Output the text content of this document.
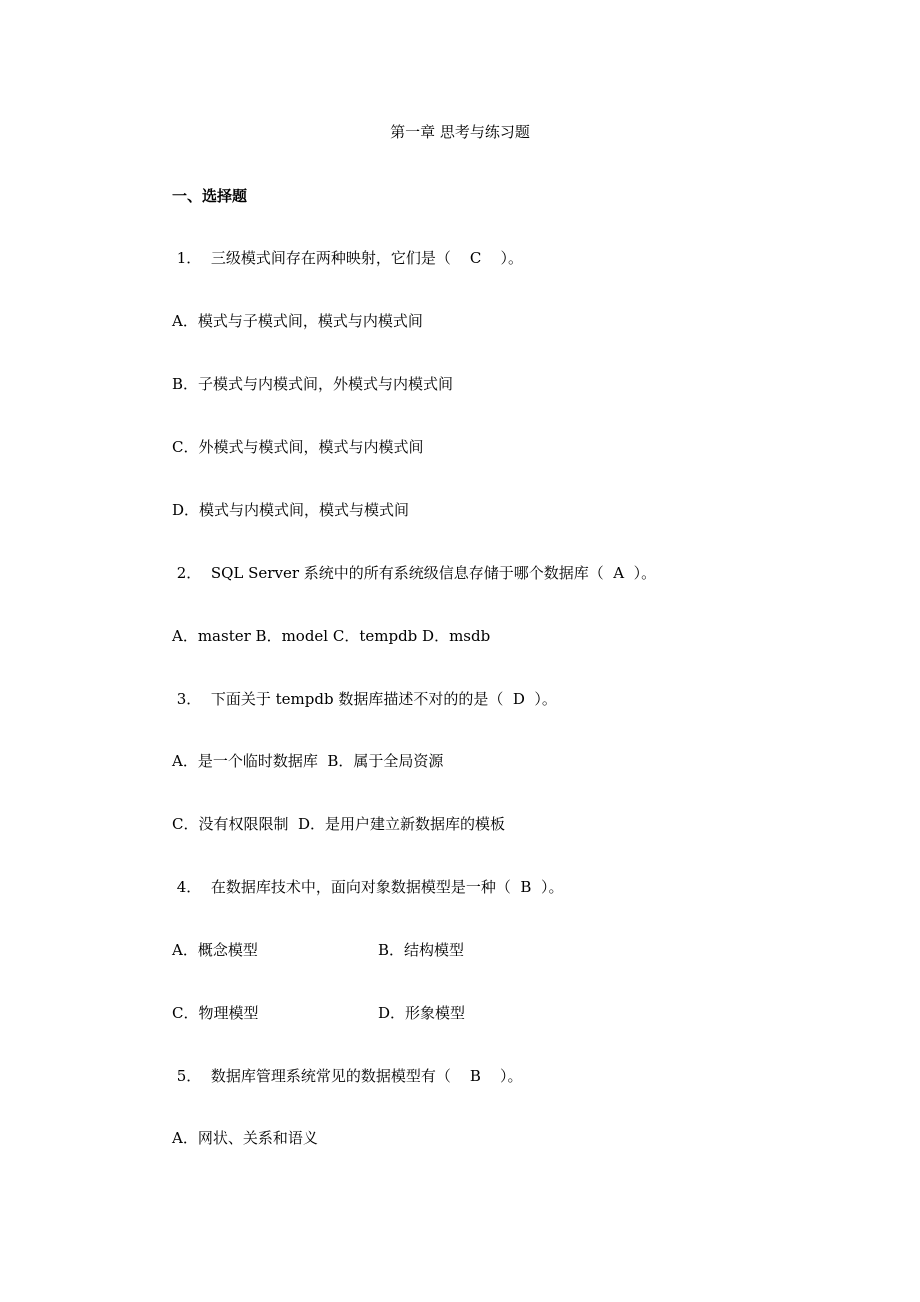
第一章 思考与练习题

一、选择题

1．  三级模式间存在两种映射，它们是（    C    ）。

A．模式与子模式间，模式与内模式间

B．子模式与内模式间，外模式与内模式间

C．外模式与模式间，模式与内模式间

D．模式与内模式间，模式与模式间

2．  SQL Server 系统中的所有系统级信息存储于哪个数据库（  A  ）。

A．master B．model C．tempdb D．msdb

3．  下面关于 tempdb 数据库描述不对的的是（  D  ）。

A．是一个临时数据库  B．属于全局资源

C．没有权限限制  D．是用户建立新数据库的模板

4．  在数据库技术中，面向对象数据模型是一种（  B  ）。

A．概念模型	B．结构模型

C．物理模型	D．形象模型

5．  数据库管理系统常见的数据模型有（    B    ）。

A．网状、关系和语义
